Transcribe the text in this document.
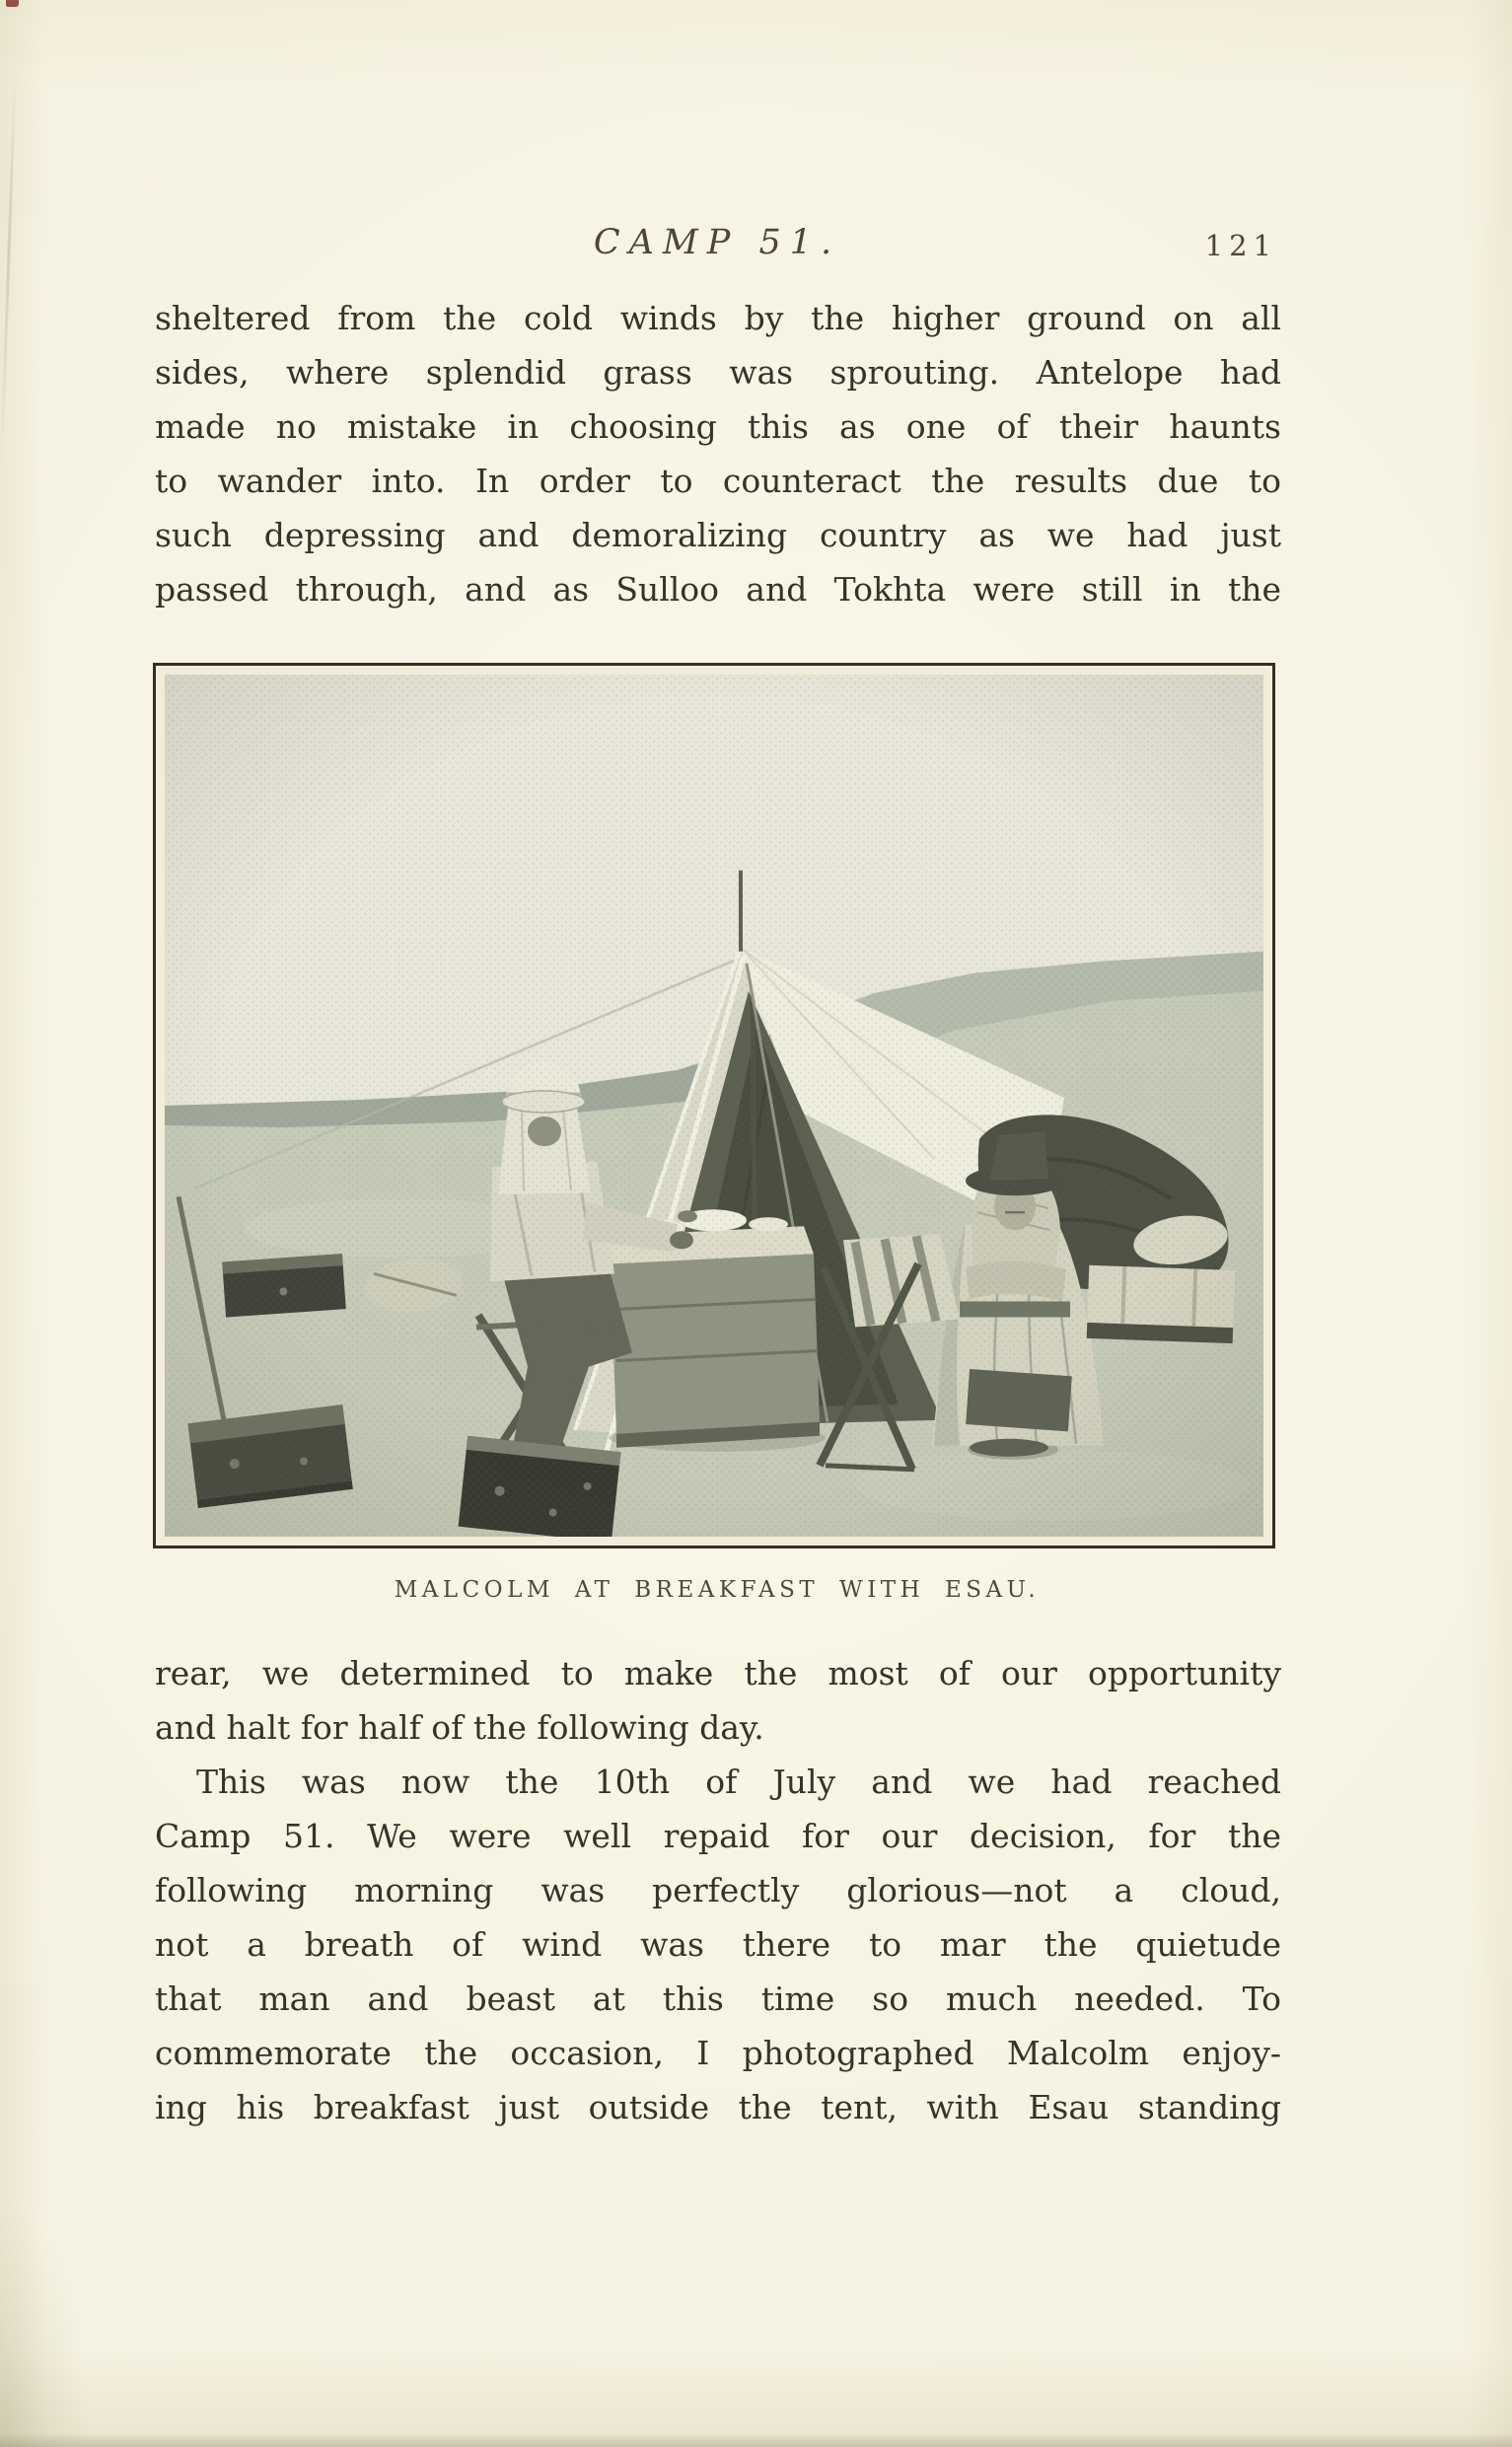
CAMP 51.	121
sheltered from the cold winds by the higher ground on all
sides, where splendid grass was sprouting. Antelope had
made no mistake in choosing this as one of their haunts
to wander into. In order to counteract the results due to
such depressing and demoralizing country as we had just
passed through, and as Sulloo and Tokhta were still in the
MALCOLM AT BREAKFAST WITH ESAU.
rear, we determined to make the most of our opportunity
and halt for half of the following day.
This was now the 10th of July and we had reached
Camp 51. We were well repaid for our decision, for the
following morning was perfectly glorious—not a cloud,
not a breath of wind was there to mar the quietude
that man and beast at this time so much needed. To
commemorate the occasion, I photographed Malcolm enjoy-
ing his breakfast just outside the tent, with Esau standing
